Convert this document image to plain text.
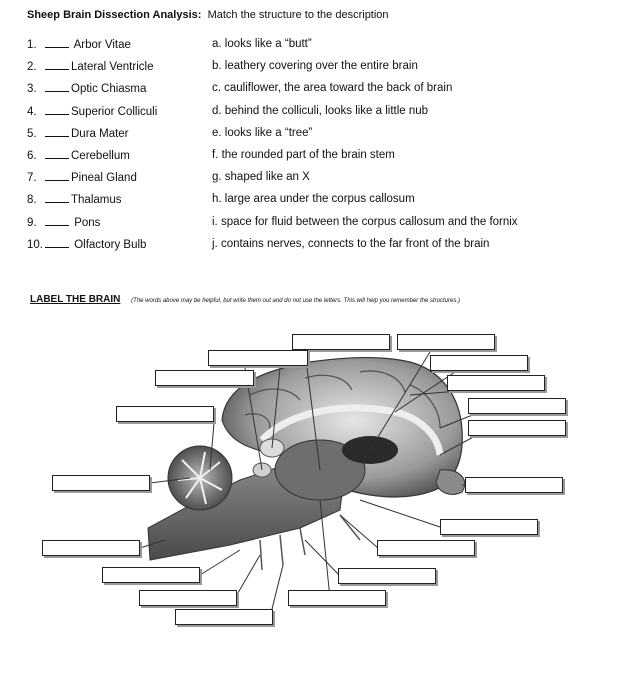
Sheep Brain Dissection Analysis: Match the structure to the description
1.	Arbor Vitae
2.	Lateral Ventricle
3.	Optic Chiasma
4.	Superior Colliculi
5.	Dura Mater
6.	Cerebellum
7.	Pineal Gland
8.	Thalamus
9.	Pons
10.	Olfactory Bulb
a. looks like a “butt”
b. leathery covering over the entire brain
c. cauliflower, the area toward the back of brain
d. behind the colliculi, looks like a little nub
e. looks like a “tree”
f. the rounded part of the brain stem
g. shaped like an X
h. large area under the corpus callosum
i. space for fluid between the corpus callosum and the fornix
j. contains nerves, connects to the far front of the brain
LABEL THE BRAIN (The words above may be helpful, but write them out and do not use the letters. This will help you remember the structures.)
